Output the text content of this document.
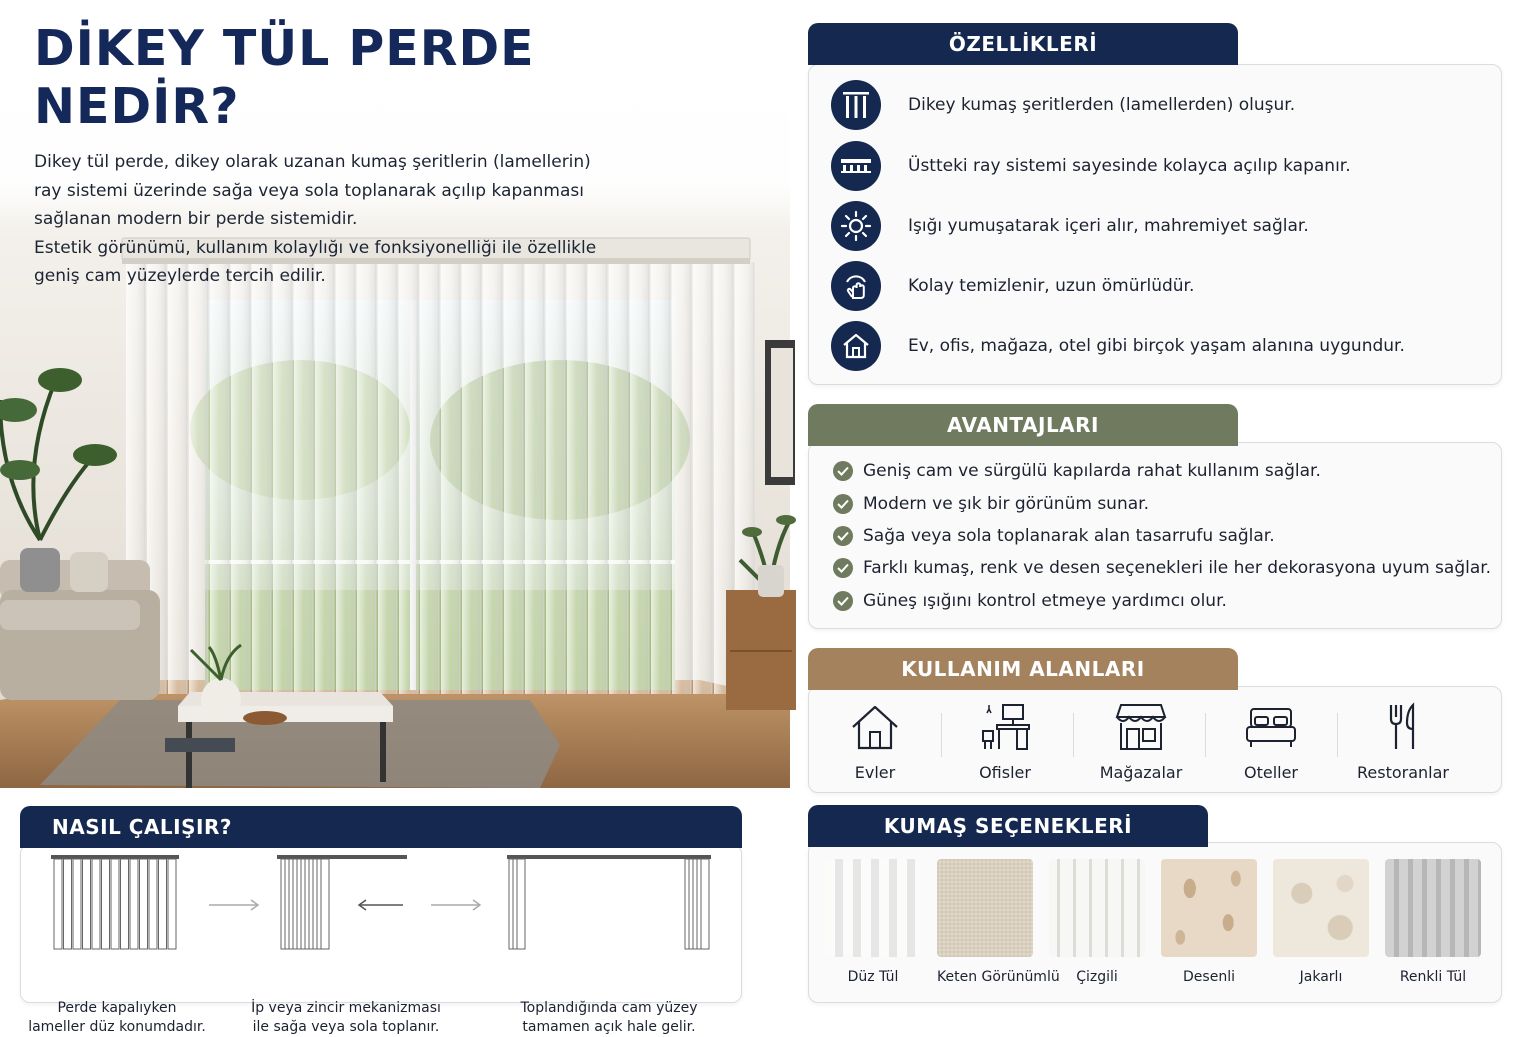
DİKEY TÜL PERDE NEDİR?
Dikey tül perde, dikey olarak uzanan kumaş şeritlerin (lamellerin)
ray sistemi üzerinde sağa veya sola toplanarak açılıp kapanması
sağlanan modern bir perde sistemidir.
Estetik görünümü, kullanım kolaylığı ve fonksiyonelliği ile özellikle
geniş cam yüzeylerde tercih edilir.
ÖZELLİKLERİ
Dikey kumaş şeritlerden (lamellerden) oluşur.
Üstteki ray sistemi sayesinde kolayca açılıp kapanır.
Işığı yumuşatarak içeri alır, mahremiyet sağlar.
Kolay temizlenir, uzun ömürlüdür.
Ev, ofis, mağaza, otel gibi birçok yaşam alanına uygundur.
AVANTAJLARI
Geniş cam ve sürgülü kapılarda rahat kullanım sağlar.
Modern ve şık bir görünüm sunar.
Sağa veya sola toplanarak alan tasarrufu sağlar.
Farklı kumaş, renk ve desen seçenekleri ile her dekorasyona uyum sağlar.
Güneş ışığını kontrol etmeye yardımcı olur.
KULLANIM ALANLARI
Evler	Ofisler	Mağazalar	Oteller	Restoranlar
NASIL ÇALIŞIR?
Perde kapalıyken
lameller düz konumdadır.
İp veya zincir mekanizması
ile sağa veya sola toplanır.
Toplandığında cam yüzey
tamamen açık hale gelir.
KUMAŞ SEÇENEKLERİ
Düz Tül	Keten Görünümlü	Çizgili	Desenli	Jakarlı	Renkli Tül
